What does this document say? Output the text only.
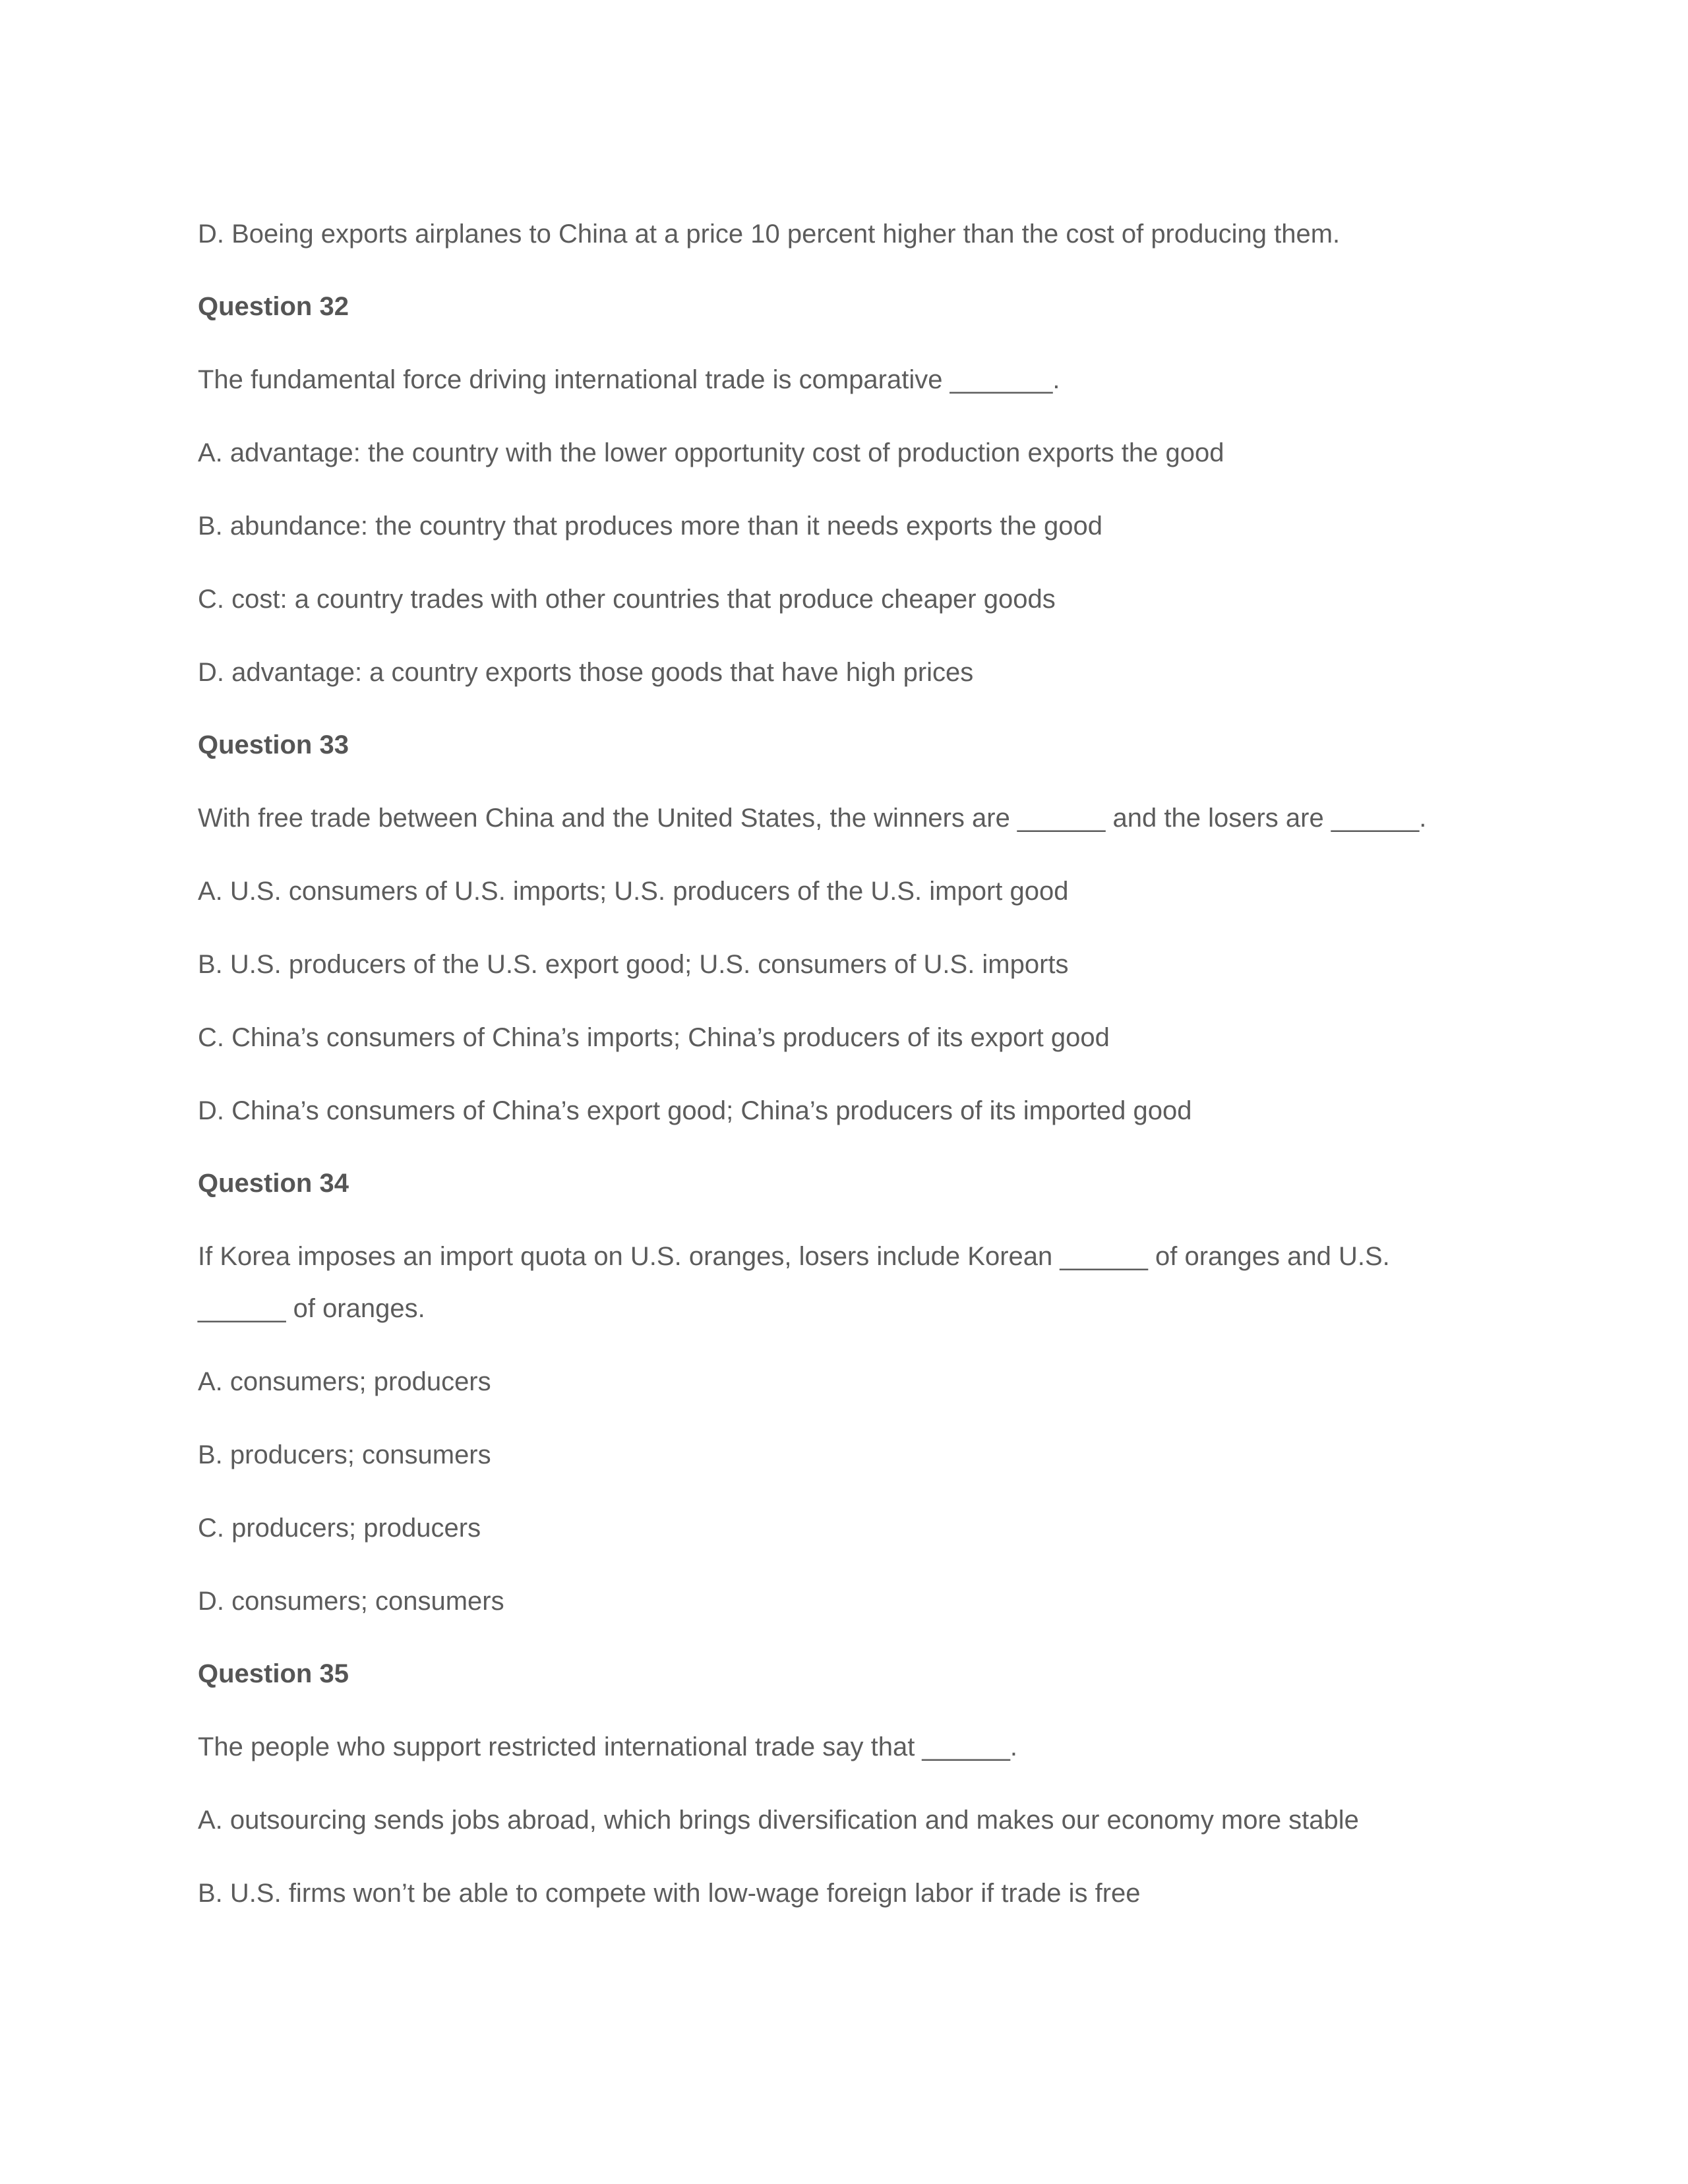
D. Boeing exports airplanes to China at a price 10 percent higher than the cost of producing them.
Question 32
The fundamental force driving international trade is comparative _______.
A. advantage: the country with the lower opportunity cost of production exports the good
B. abundance: the country that produces more than it needs exports the good
C. cost: a country trades with other countries that produce cheaper goods
D. advantage: a country exports those goods that have high prices
Question 33
With free trade between China and the United States, the winners are ______ and the losers are ______.
A. U.S. consumers of U.S. imports; U.S. producers of the U.S. import good
B. U.S. producers of the U.S. export good; U.S. consumers of U.S. imports
C. China’s consumers of China’s imports; China’s producers of its export good
D. China’s consumers of China’s export good; China’s producers of its imported good
Question 34
If Korea imposes an import quota on U.S. oranges, losers include Korean ______ of oranges and U.S.
______ of oranges.
A. consumers; producers
B. producers; consumers
C. producers; producers
D. consumers; consumers
Question 35
The people who support restricted international trade say that ______.
A. outsourcing sends jobs abroad, which brings diversification and makes our economy more stable
B. U.S. firms won’t be able to compete with low-wage foreign labor if trade is free
